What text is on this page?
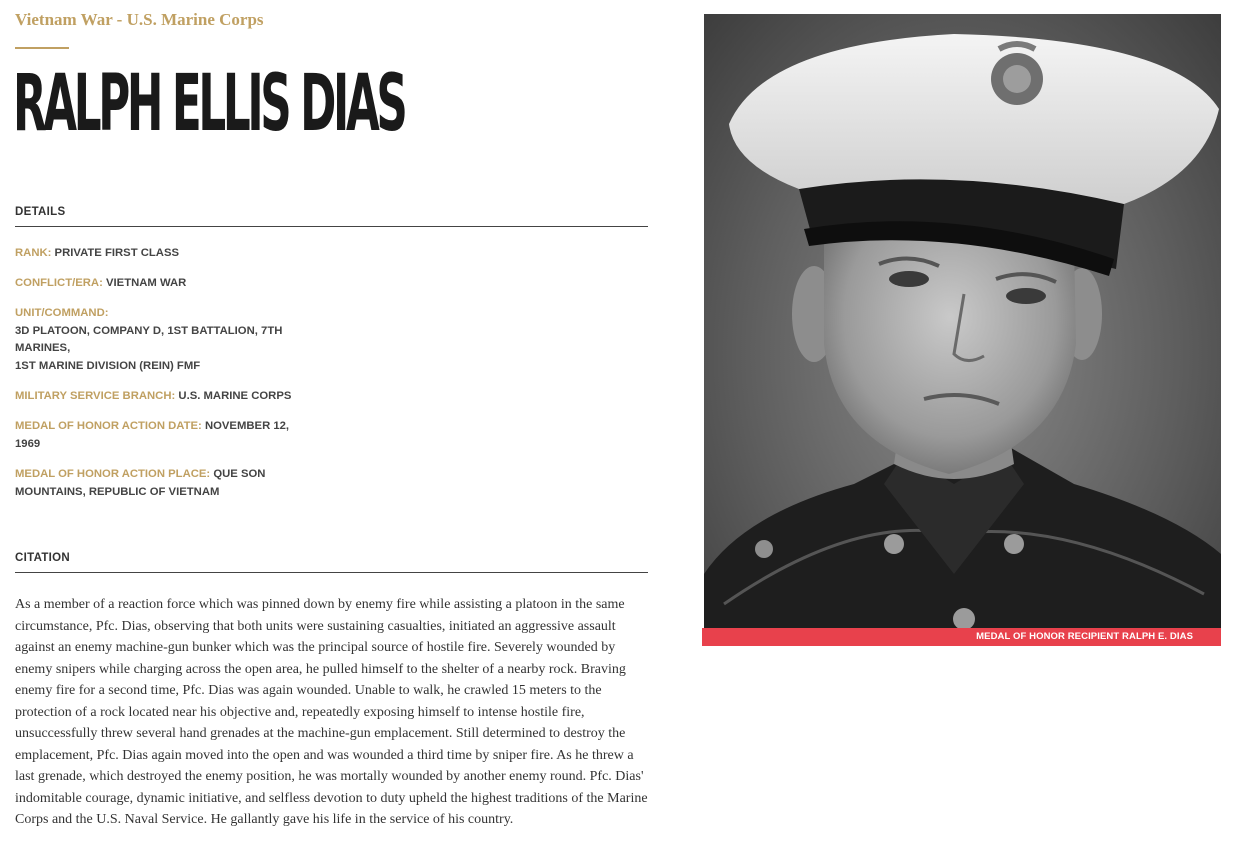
Vietnam War - U.S. Marine Corps
RALPH ELLIS DIAS
DETAILS
RANK: PRIVATE FIRST CLASS
CONFLICT/ERA: VIETNAM WAR
UNIT/COMMAND:
3D PLATOON, COMPANY D, 1ST BATTALION, 7TH MARINES,
1ST MARINE DIVISION (REIN) FMF
MILITARY SERVICE BRANCH: U.S. MARINE CORPS
MEDAL OF HONOR ACTION DATE: NOVEMBER 12, 1969
MEDAL OF HONOR ACTION PLACE: QUE SON MOUNTAINS, REPUBLIC OF VIETNAM
CITATION

As a member of a reaction force which was pinned down by enemy fire while assisting a platoon in the same circumstance, Pfc. Dias, observing that both units were sustaining casualties, initiated an aggressive assault against an enemy machine-gun bunker which was the principal source of hostile fire. Severely wounded by enemy snipers while charging across the open area, he pulled himself to the shelter of a nearby rock. Braving enemy fire for a second time, Pfc. Dias was again wounded. Unable to walk, he crawled 15 meters to the protection of a rock located near his objective and, repeatedly exposing himself to intense hostile fire, unsuccessfully threw several hand grenades at the machine-gun emplacement. Still determined to destroy the emplacement, Pfc. Dias again moved into the open and was wounded a third time by sniper fire. As he threw a last grenade, which destroyed the enemy position, he was mortally wounded by another enemy round. Pfc. Dias' indomitable courage, dynamic initiative, and selfless devotion to duty upheld the highest traditions of the Marine Corps and the U.S. Naval Service. He gallantly gave his life in the service of his country.

MEDAL OF HONOR RECIPIENT RALPH E. DIAS
